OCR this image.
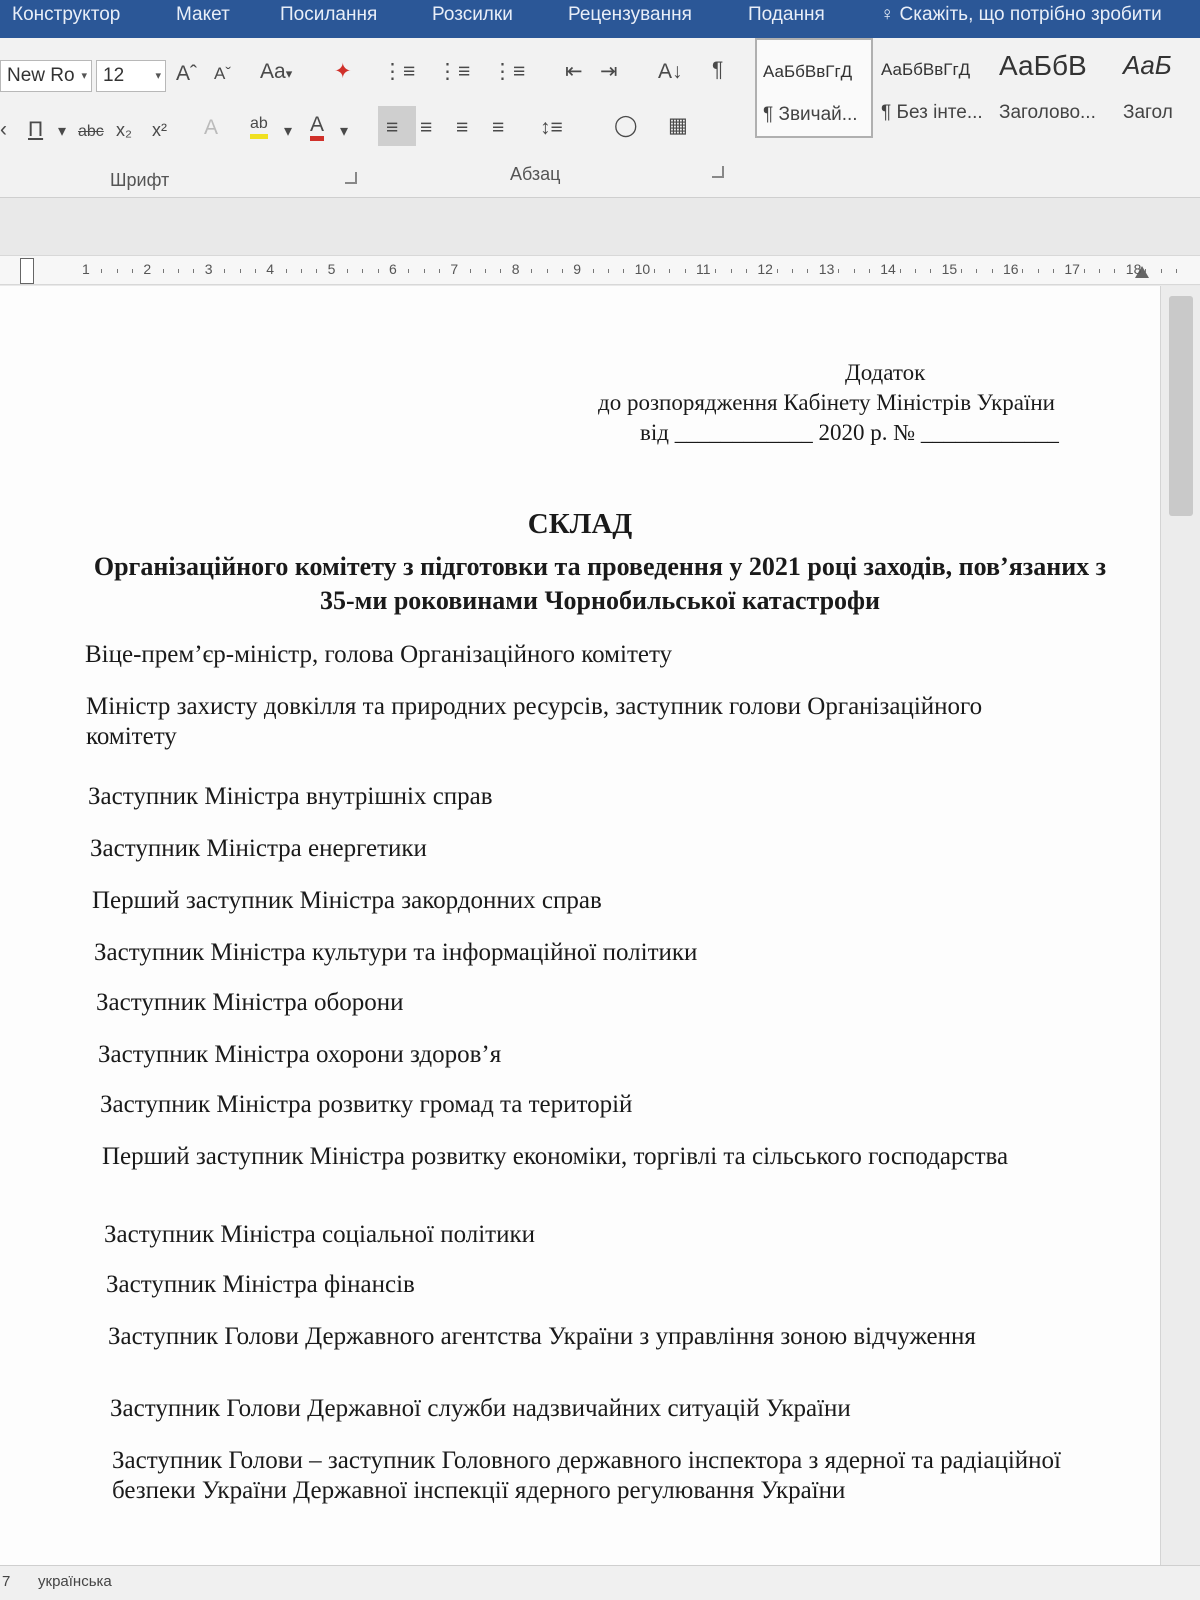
Конструктор	Макет	Посилання	Розсилки	Рецензування	Подання	♀ Скажіть, що потрібно зробити
New Ro ▾ 12	▾ Aˆ Aˇ Aa▾ ✦ ⋮≡ ⋮≡ ⋮≡ ⇤ ⇥ А↓ ¶
‹ П ▾ abc x₂ x² A ab ▾ A ▾ ≡ ≡ ≡ ≡ ↕≡ ◯ ▦
Шрифт	Абзац
АаБбВвГгД
¶ Звичай...
АаБбВвГгД
¶ Без інте...
АаБбВ
Заголово...
АаБ
Загол
1	2	3	4	5	6	7	8	9	10	11	12	13	14	15	16	17	18
Додаток
до розпорядження Кабінету Міністрів України
від ____________ 2020 р. № ____________
СКЛАД
Організаційного комітету з підготовки та проведення у 2021 році заходів, пов’язаних з 35-ми роковинами Чорнобильської катастрофи
Віце-прем’єр-міністр, голова Організаційного комітету
Міністр захисту довкілля та природних ресурсів, заступник голови Організаційного комітету
Заступник Міністра внутрішніх справ
Заступник Міністра енергетики
Перший заступник Міністра закордонних справ
Заступник Міністра культури та інформаційної політики
Заступник Міністра оборони
Заступник Міністра охорони здоров’я
Заступник Міністра розвитку громад та територій
Перший заступник Міністра розвитку економіки, торгівлі та сільського господарства
Заступник Міністра соціальної політики
Заступник Міністра фінансів
Заступник Голови Державного агентства України з управління зоною відчуження
Заступник Голови Державної служби надзвичайних ситуацій України
Заступник Голови – заступник Головного державного інспектора з ядерної та радіаційної безпеки України Державної інспекції ядерного регулювання України
7 українська
